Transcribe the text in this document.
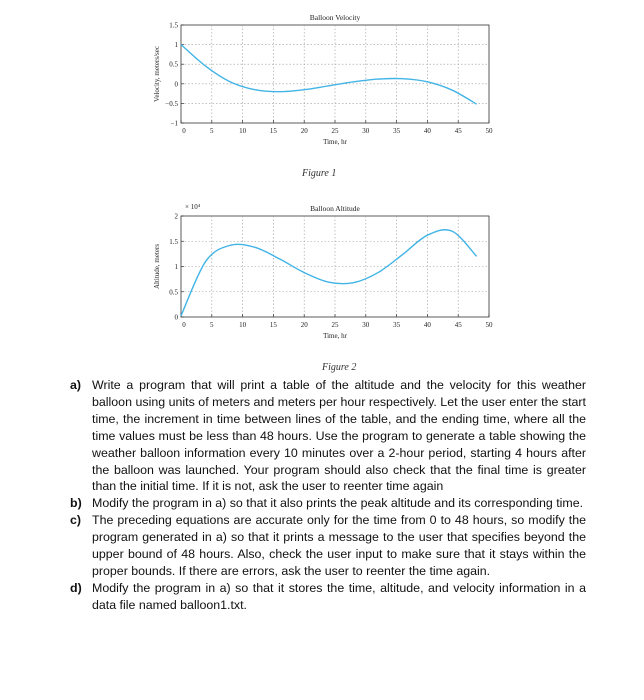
0	5	10	15	20	25	30	35	40	45	50
−1
−0.5
0
0.5
1
1.5
Balloon Velocity
Time, hr
Velocity, meters/sec
Figure 1
0	5	10	15	20	25	30	35	40	45	50
0
0.5
1
1.5
2
Balloon Altitude
Time, hr
Altitude, meters
× 10⁴
Figure 2
a) Write a program that will print a table of the altitude and the velocity for this weather balloon using units of meters and meters per hour respectively. Let the user enter the start time, the increment in time between lines of the table, and the ending time, where all the time values must be less than 48 hours. Use the program to generate a table showing the weather balloon information every 10 minutes over a 2-hour period, starting 4 hours after the balloon was launched. Your program should also check that the final time is greater than the initial time. If it is not, ask the user to reenter time again
b) Modify the program in a) so that it also prints the peak altitude and its corresponding time.
c) The preceding equations are accurate only for the time from 0 to 48 hours, so modify the program generated in a) so that it prints a message to the user that specifies beyond the upper bound of 48 hours. Also, check the user input to make sure that it stays within the proper bounds. If there are errors, ask the user to reenter the time again.
d) Modify the program in a) so that it stores the time, altitude, and velocity information in a data file named balloon1.txt.
